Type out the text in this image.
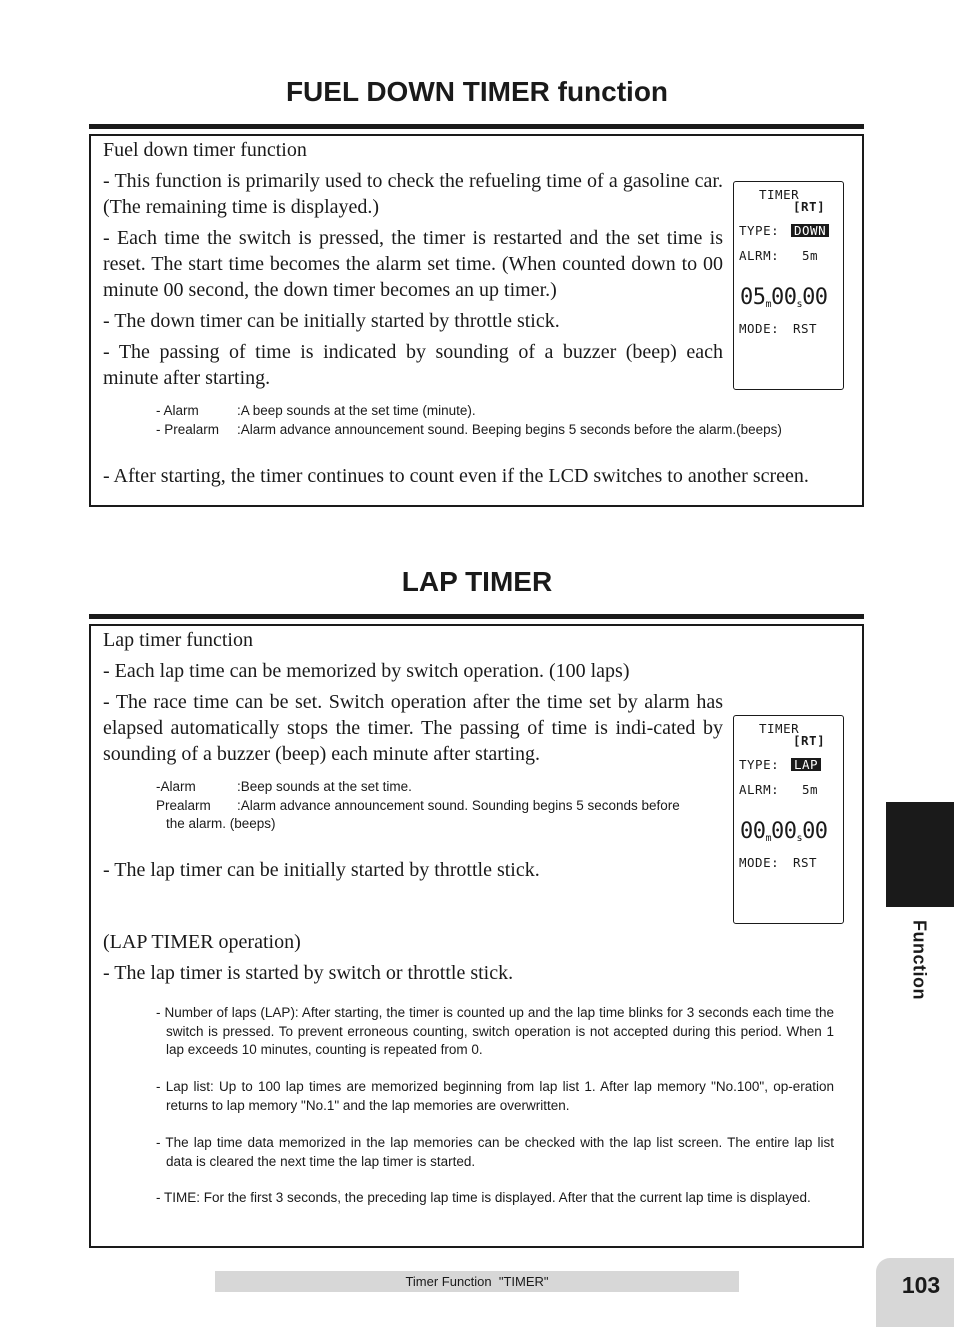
FUEL DOWN TIMER function

Fuel down timer function

- This function is primarily used to check the refueling time of a gasoline car. (The remaining time is displayed.)

- Each time the switch is pressed, the timer is restarted and the set time is reset. The start time becomes the alarm set time. (When counted down to 00 minute 00 second, the down timer becomes an up timer.)

- The down timer can be initially started by throttle stick.

- The passing of time is indicated by sounding of a buzzer (beep) each minute after starting.

- Alarm	:A beep sounds at the set time (minute).

- Prealarm :Alarm advance announcement sound. Beeping begins 5 seconds before the alarm.(beeps)

- After starting, the timer continues to count even if the LCD switches to another screen.

TIMER
[RT]
TYPE: DOWN
ALRM: 5m
$05_m00_s00$
MODE: RST
LAP TIMER

Lap timer function

- Each lap time can be memorized by switch operation. (100 laps)

- The race time can be set. Switch operation after the time set by alarm has elapsed automatically stops the timer. The passing of time is indi-cated by sounding of a buzzer (beep) each minute after starting.

-Alarm	:Beep sounds at the set time.

Prealarm :Alarm advance announcement sound. Sounding begins 5 seconds before

the alarm. (beeps)

- The lap timer can be initially started by throttle stick.

(LAP TIMER operation)

- The lap timer is started by switch or throttle stick.

- Number of laps (LAP): After starting, the timer is counted up and the lap time blinks for 3 seconds each time the switch is pressed. To prevent erroneous counting, switch operation is not accepted during this period. When 1 lap exceeds 10 minutes, counting is repeated from 0.

- Lap list: Up to 100 lap times are memorized beginning from lap list 1. After lap memory "No.100", op-eration returns to lap memory "No.1" and the lap memories are overwritten.

- The lap time data memorized in the lap memories can be checked with the lap list screen. The entire lap list data is cleared the next time the lap timer is started.

- TIME: For the first 3 seconds, the preceding lap time is displayed. After that the current lap time is displayed.

TIMER
[RT]
TYPE: LAP
ALRM: 5m
$00_m00_s00$
MODE: RST
Function
103
Timer Function  "TIMER"
